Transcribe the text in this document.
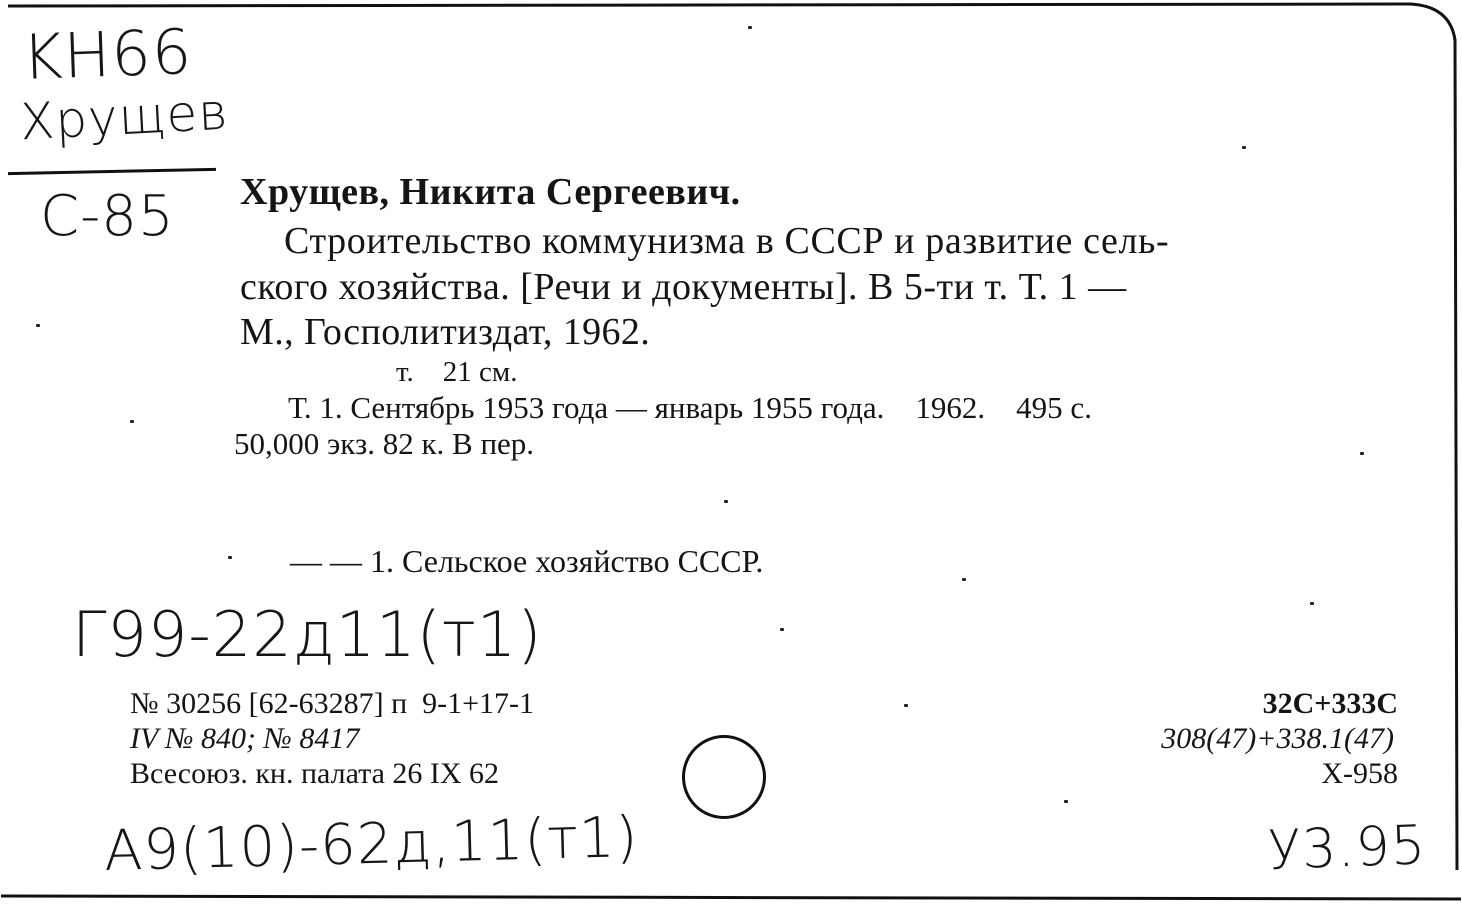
KH66
Хрущев
С-85 Хрущев, Никита Сергеевич.
Строительство коммунизма в СССР и развитие сель-
ского хозяйства. [Речи и документы]. В 5-ти т. Т. 1 —
М., Госполитиздат, 1962.
т.    21 см.
Т. 1. Сентябрь 1953 года — январь 1955 года.    1962.    495 с.
50,000 экз. 82 к. В пер.
— — 1. Сельское хозяйство СССР.
Г99-22д11(т1)
№ 30256 [62-63287] п  9-1+17-1
IV № 840; № 8417
Всесоюз. кн. палата 26 IX 62
32С+333С
308(47)+338.1(47)
Х-958
А9(10)-62д,11(т1)	У3.95
